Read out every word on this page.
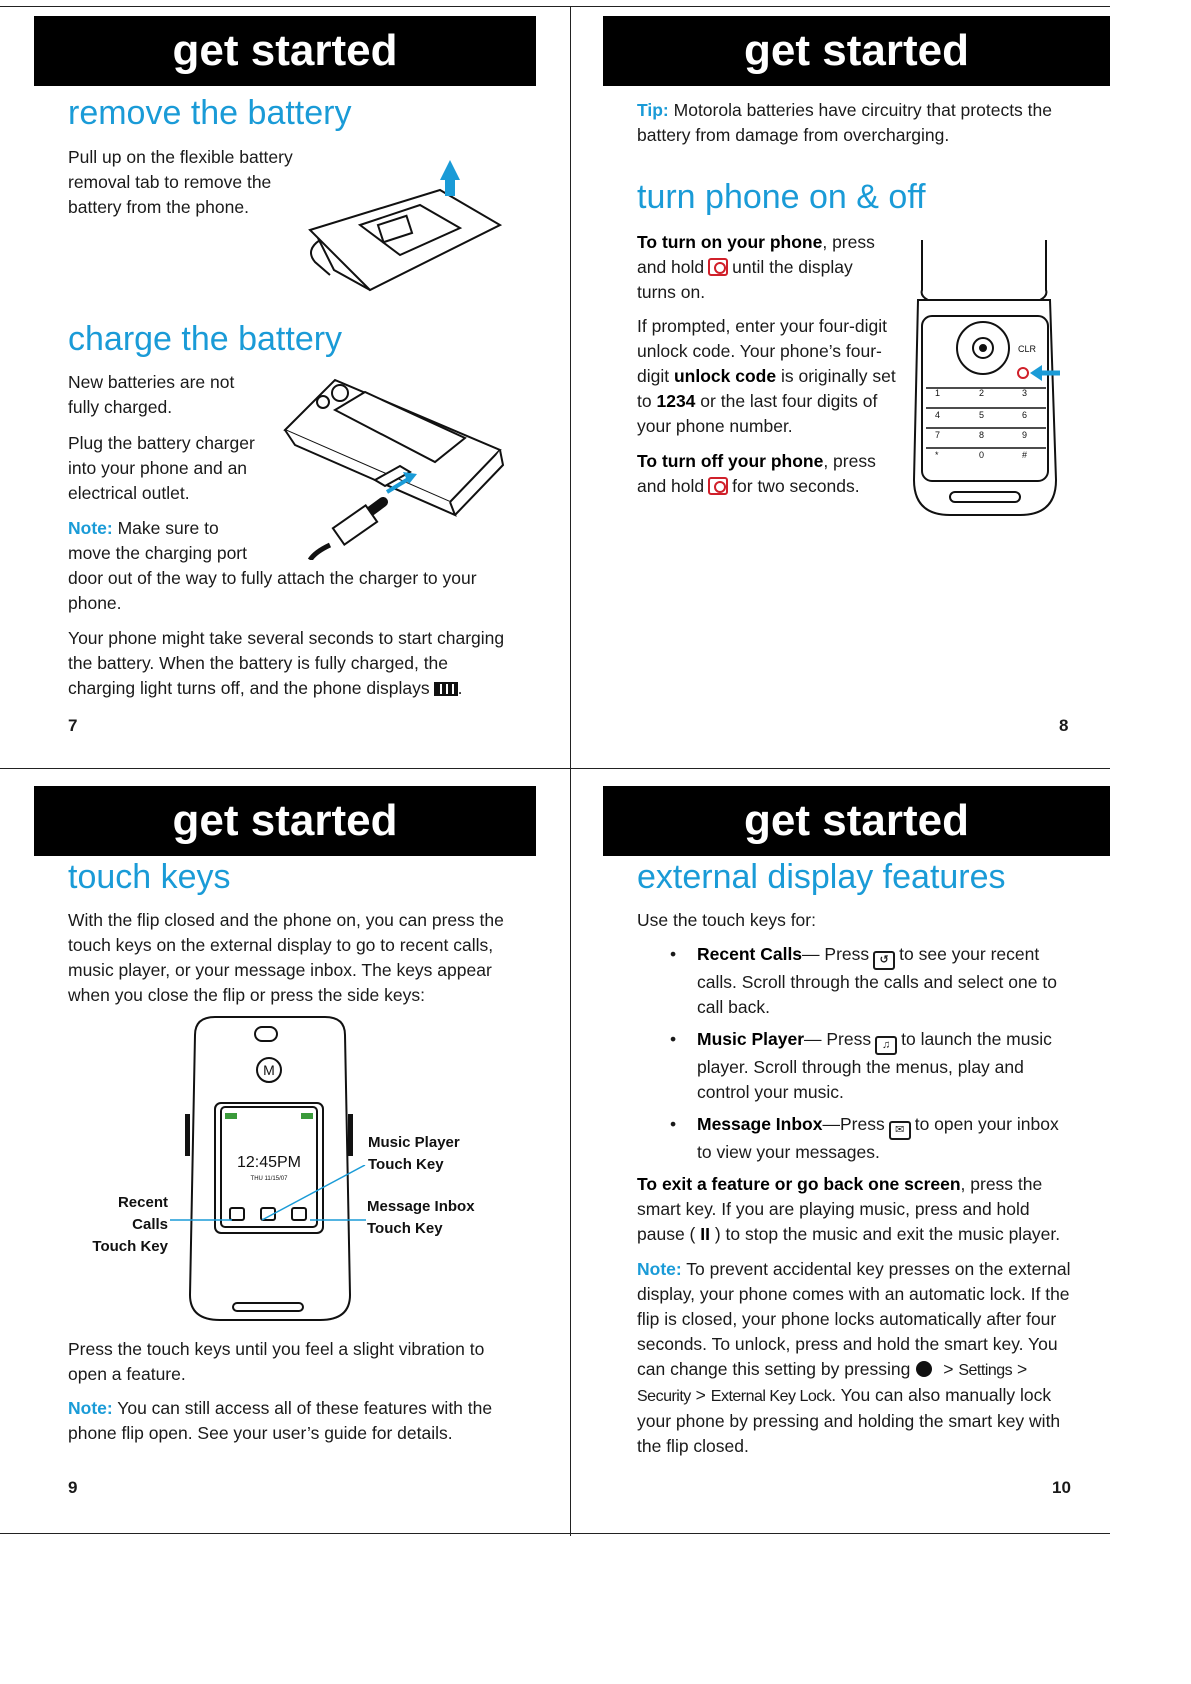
get started
remove the battery

Pull up on the flexible battery removal tab to remove the battery from the phone.

charge the battery

New batteries are not fully charged.

Plug the battery charger into your phone and an electrical outlet.

Note: Make sure to move the charging port

door out of the way to fully attach the charger to your phone.

Your phone might take several seconds to start charging the battery. When the battery is fully charged, the charging light turns off, and the phone displays .

7
get started

Tip: Motorola batteries have circuitry that protects the battery from damage from overcharging.

turn phone on & off

To turn on your phone, press and hold until the display turns on.

If prompted, enter your four-digit unlock code. Your phone’s four-digit unlock code is originally set to 1234 or the last four digits of your phone number.

To turn off your phone, press and hold for two seconds.

1	2	3
4	5	6
7	8	9
*	0	#
CLR
8
get started
touch keys

With the flip closed and the phone on, you can press the touch keys on the external display to go to recent calls, music player, or your message inbox. The keys appear when you close the flip or press the side keys:

M
12:45PM
THU 11/15/07
Music Player
Touch Key
Recent Calls
Touch Key
Message Inbox
Touch Key

Press the touch keys until you feel a slight vibration to open a feature.

Note: You can still access all of these features with the phone flip open. See your user’s guide for details.

9
get started
external display features

Use the touch keys for:

• Recent Calls— Press ↺ to see your recent calls. Scroll through the calls and select one to call back.

• Music Player— Press ♫ to launch the music player. Scroll through the menus, play and control your music.

• Message Inbox—Press ✉ to open your inbox to view your messages.

To exit a feature or go back one screen, press the smart key. If you are playing music, press and hold pause ( II ) to stop the music and exit the music player.

Note: To prevent accidental key presses on the external display, your phone comes with an automatic lock. If the flip is closed, your phone locks automatically after four seconds. To unlock, press and hold the smart key. You can change this setting by pressing > Settings > Security > External Key Lock. You can also manually lock your phone by pressing and holding the smart key with the flip closed.

10
